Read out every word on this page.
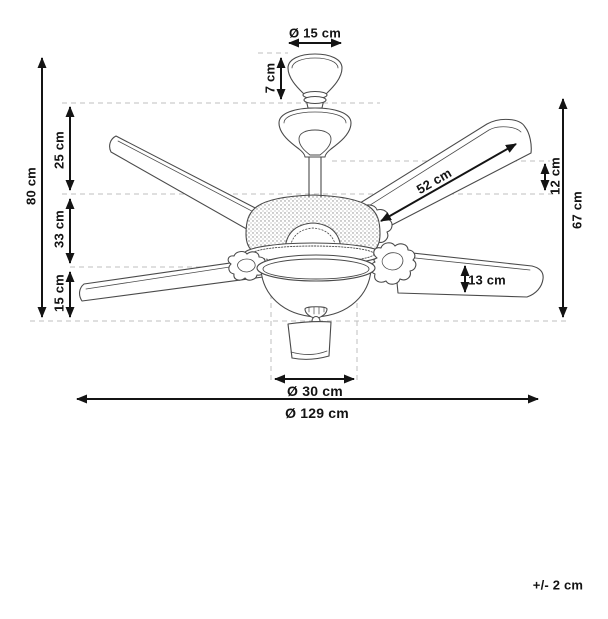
Ø 15 cm
7 cm
80 cm
25 cm
33 cm
15 cm
52 cm	12 cm
67 cm
13 cm
Ø 30 cm
Ø 129 cm
+/- 2 cm
